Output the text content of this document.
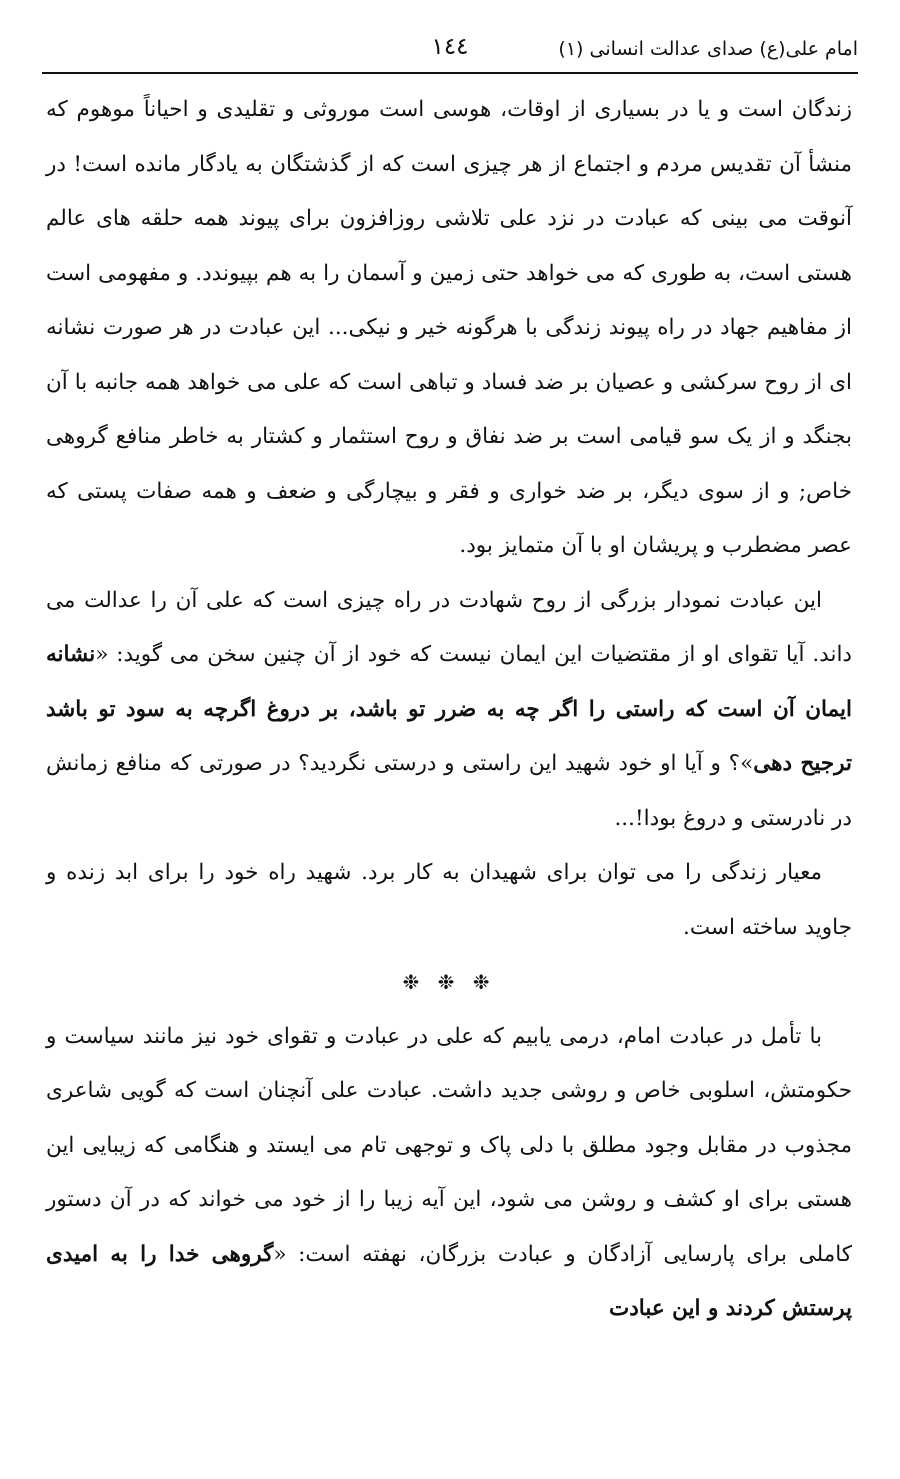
امام علی(ع) صدای عدالت انسانی (١)
١٤٤

زندگان است و یا در بسیاری از اوقات، هوسی است موروثی و تقلیدی و احیاناً موهوم که منشأ آن تقدیس مردم و اجتماع از هر چیزی است که از گذشتگان به یادگار مانده است! در آنوقت می بینی که عبادت در نزد علی تلاشی روزافزون برای پیوند همه حلقه های عالم هستی است، به طوری که می خواهد حتی زمین و آسمان را به هم بپیوندد. و مفهومی است از مفاهیم جهاد در راه پیوند زندگی با هرگونه خیر و نیکی... این عبادت در هر صورت نشانه ای از روح سرکشی و عصیان بر ضد فساد و تباهی است که علی می خواهد همه جانبه با آن بجنگد و از یک سو قیامی است بر ضد نفاق و روح استثمار و کشتار به خاطر منافع گروهی خاص; و از سوی دیگر، بر ضد خواری و فقر و بیچارگی و ضعف و همه صفات پستی که عصر مضطرب و پریشان او با آن متمایز بود.

این عبادت نمودار بزرگی از روح شهادت در راه چیزی است که علی آن را عدالت می داند. آیا تقوای او از مقتضیات این ایمان نیست که خود از آن چنین سخن می گوید: «نشانه ایمان آن است که راستی را اگر چه به ضرر تو باشد، بر دروغ اگرچه به سود تو باشد ترجیح دهی»؟ و آیا او خود شهید این راستی و درستی نگردید؟ در صورتی که منافع زمانش در نادرستی و دروغ بودا!...

معیار زندگی را می توان برای شهیدان به کار برد. شهید راه خود را برای ابد زنده و جاوید ساخته است.

❉ ❉ ❉

با تأمل در عبادت امام، درمی یابیم که علی در عبادت و تقوای خود نیز مانند سیاست و حکومتش، اسلوبی خاص و روشی جدید داشت. عبادت علی آنچنان است که گویی شاعری مجذوب در مقابل وجود مطلق با دلی پاک و توجهی تام می ایستد و هنگامی که زیبایی این هستی برای او کشف و روشن می شود، این آیه زیبا را از خود می خواند که در آن دستور کاملی برای پارسایی آزادگان و عبادت بزرگان، نهفته است: «گروهی خدا را به امیدی پرستش کردند و این عبادت
